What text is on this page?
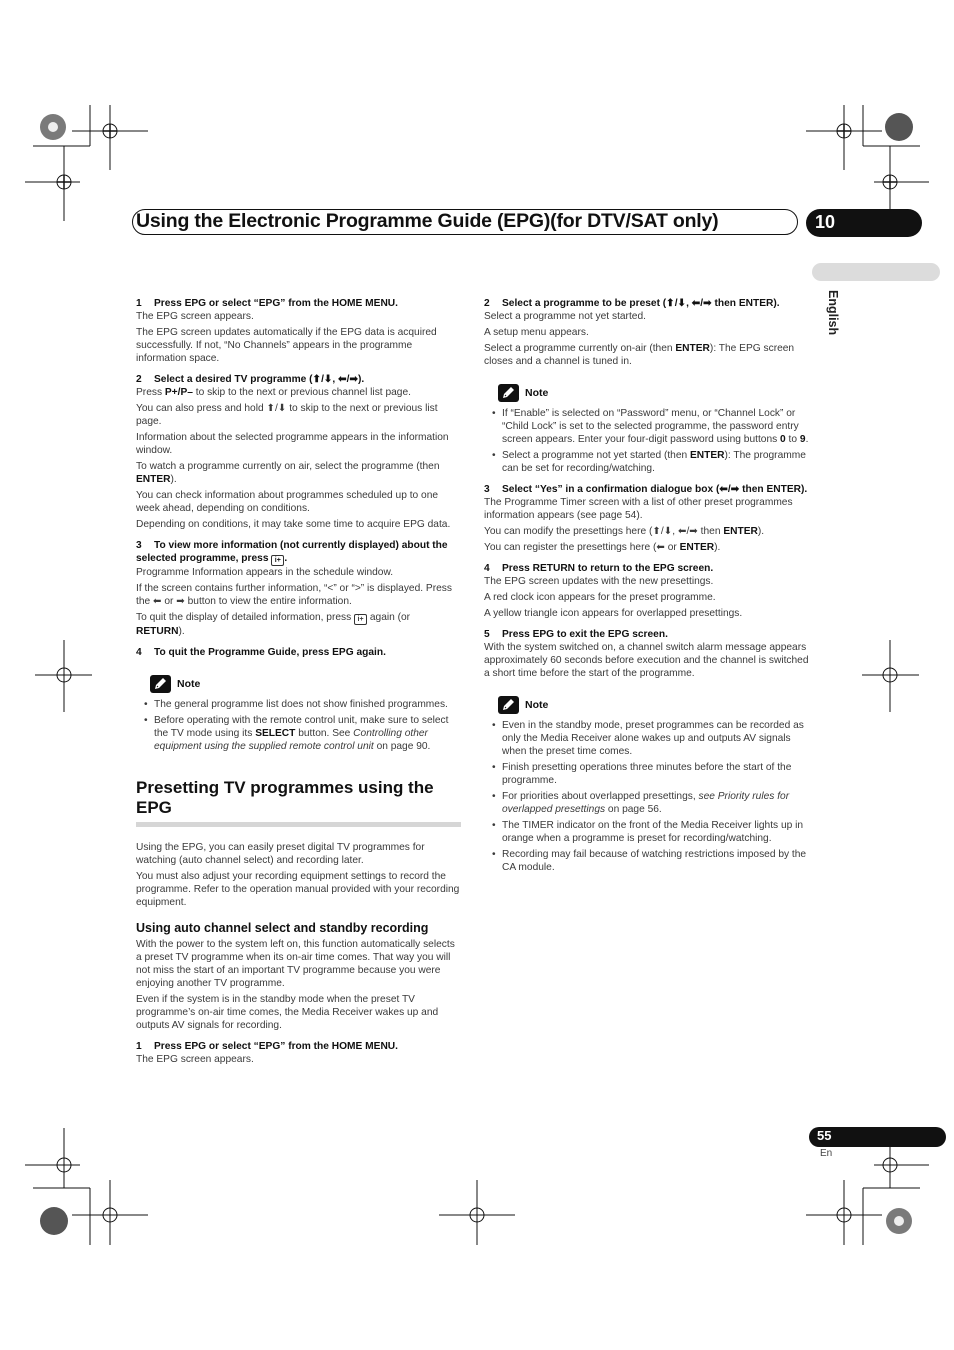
Using the Electronic Programme Guide (EPG)(for DTV/SAT only)	10
English
1 Press EPG or select “EPG” from the HOME MENU.

The EPG screen appears.

The EPG screen updates automatically if the EPG data is acquired successfully. If not, “No Channels” appears in the programme information space.

2 Select a desired TV programme (⬆/⬇, ⬅/➡).

Press P+/P– to skip to the next or previous channel list page.

You can also press and hold ⬆/⬇ to skip to the next or previous list page.

Information about the selected programme appears in the information window.

To watch a programme currently on air, select the programme (then ENTER).

You can check information about programmes scheduled up to one week ahead, depending on conditions.

Depending on conditions, it may take some time to acquire EPG data.

3 To view more information (not currently displayed) about the selected programme, press i+ .

Programme Information appears in the schedule window.

If the screen contains further information, “<” or “>” is displayed. Press the ⬅ or ➡ button to view the entire information.

To quit the display of detailed information, press i+ again (or RETURN).

4 To quit the Programme Guide, press EPG again.
Note
• The general programme list does not show finished programmes.
• Before operating with the remote control unit, make sure to select the TV mode using its SELECT button. See Controlling other equipment using the supplied remote control unit on page 90.
Presetting TV programmes using the EPG

Using the EPG, you can easily preset digital TV programmes for watching (auto channel select) and recording later.

You must also adjust your recording equipment settings to record the programme. Refer to the operation manual provided with your recording equipment.

Using auto channel select and standby recording

With the power to the system left on, this function automatically selects a preset TV programme when its on-air time comes. That way you will not miss the start of an important TV programme because you were enjoying another TV programme.

Even if the system is in the standby mode when the preset TV programme’s on-air time comes, the Media Receiver wakes up and outputs AV signals for recording.

1 Press EPG or select “EPG” from the HOME MENU.

The EPG screen appears.

2 Select a programme to be preset (⬆/⬇, ⬅/➡ then ENTER).

Select a programme not yet started.

A setup menu appears.

Select a programme currently on-air (then ENTER): The EPG screen closes and a channel is tuned in.

Note
• If “Enable” is selected on “Password” menu, or “Channel Lock” or “Child Lock” is set to the selected programme, the password entry screen appears. Enter your four-digit password using buttons 0 to 9.
• Select a programme not yet started (then ENTER): The programme can be set for recording/watching.
3 Select “Yes” in a confirmation dialogue box (⬅/➡ then ENTER).

The Programme Timer screen with a list of other preset programmes information appears (see page 54).

You can modify the presettings here (⬆/⬇, ⬅/➡ then ENTER).

You can register the presettings here (⬅ or ENTER).

4 Press RETURN to return to the EPG screen.

The EPG screen updates with the new presettings.

A red clock icon appears for the preset programme.

A yellow triangle icon appears for overlapped presettings.

5 Press EPG to exit the EPG screen.

With the system switched on, a channel switch alarm message appears approximately 60 seconds before execution and the channel is switched a short time before the start of the programme.

Note
• Even in the standby mode, preset programmes can be recorded as only the Media Receiver alone wakes up and outputs AV signals when the preset time comes.
• Finish presetting operations three minutes before the start of the programme.
• For priorities about overlapped presettings, see Priority rules for overlapped presettings on page 56.
• The TIMER indicator on the front of the Media Receiver lights up in orange when a programme is preset for recording/watching.
• Recording may fail because of watching restrictions imposed by the CA module.
55
En
